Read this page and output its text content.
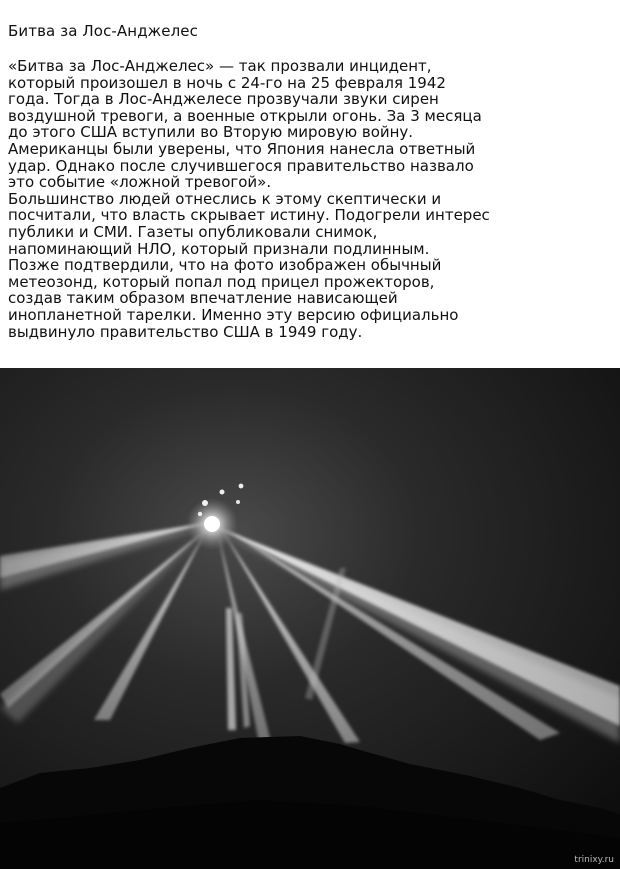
Битва за Лос-Анджелес
«Битва за Лос-Анджелес» — так прозвали инцидент,
который произошел в ночь с 24-го на 25 февраля 1942
года. Тогда в Лос-Анджелесе прозвучали звуки сирен
воздушной тревоги, а военные открыли огонь. За 3 месяца
до этого США вступили во Вторую мировую войну.
Американцы были уверены, что Япония нанесла ответный
удар. Однако после случившегося правительство назвало
это событие «ложной тревогой».
Большинство людей отнеслись к этому скептически и
посчитали, что власть скрывает истину. Подогрели интерес
публики и СМИ. Газеты опубликовали снимок,
напоминающий НЛО, который признали подлинным.
Позже подтвердили, что на фото изображен обычный
метеозонд, который попал под прицел прожекторов,
создав таким образом впечатление нависающей
инопланетной тарелки. Именно эту версию официально
выдвинуло правительство США в 1949 году.
trinixy.ru
